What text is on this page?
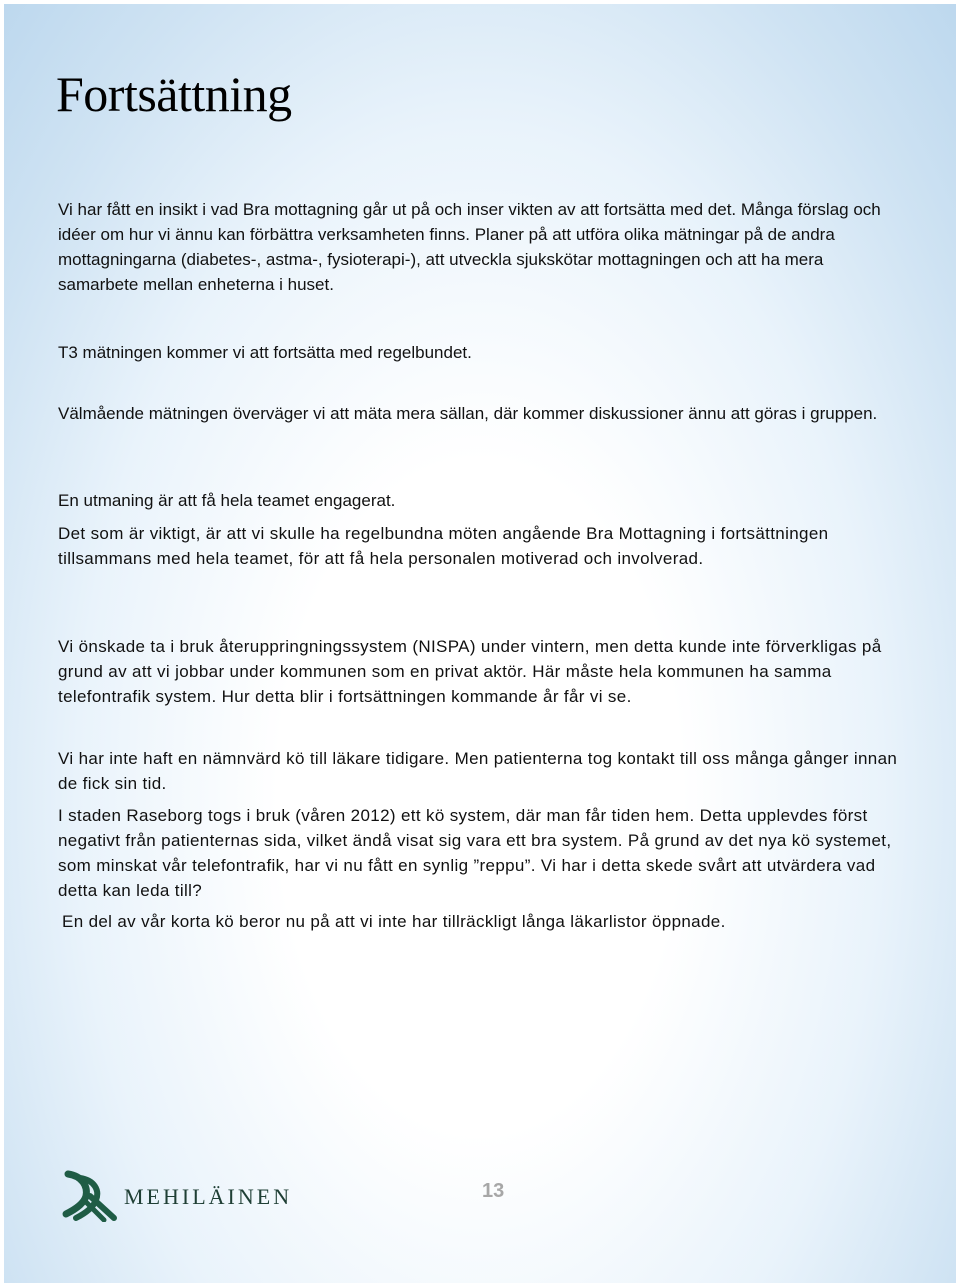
Fortsättning

Vi har fått en insikt i vad Bra mottagning går ut på och inser vikten av att fortsätta med det. Många förslag och idéer om hur vi ännu kan förbättra verksamheten finns. Planer på att utföra olika mätningar på de andra mottagningarna (diabetes-, astma-, fysioterapi-), att utveckla sjukskötar mottagningen och att ha mera samarbete mellan enheterna i huset.

T3 mätningen kommer vi att fortsätta med regelbundet.

Välmående mätningen överväger vi att mäta mera sällan, där kommer diskussioner ännu att göras i gruppen.

En utmaning är att få hela teamet engagerat.

Det som är viktigt, är att vi skulle ha regelbundna möten angående Bra Mottagning i fortsättningen tillsammans med hela teamet, för att få hela personalen motiverad och involverad.

Vi önskade ta i bruk återuppringningssystem (NISPA) under vintern, men detta kunde inte förverkligas på grund av att vi jobbar under kommunen som en privat aktör. Här måste hela kommunen ha samma telefontrafik system. Hur detta blir i fortsättningen kommande år får vi se.

Vi har inte haft en nämnvärd kö till läkare tidigare. Men patienterna tog kontakt till oss många gånger innan de fick sin tid.

I staden Raseborg togs i bruk (våren 2012) ett kö system, där man får tiden hem. Detta upplevdes först negativt från patienternas sida, vilket ändå visat sig vara ett bra system. På grund av det nya kö systemet, som minskat vår telefontrafik, har vi nu fått en synlig ”reppu”. Vi har i detta skede svårt att utvärdera vad detta kan leda till?

En del av vår korta kö beror nu på att vi inte har tillräckligt långa läkarlistor öppnade.

MEHILÄINEN	13
